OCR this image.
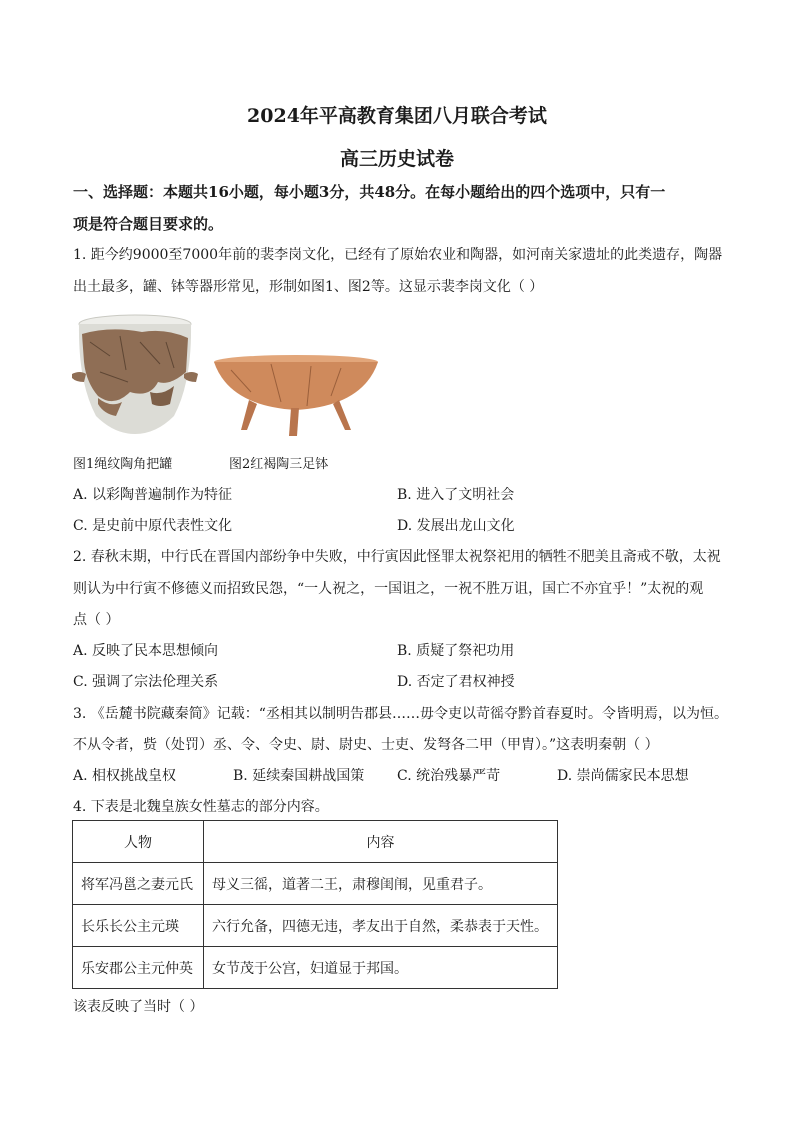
2024年平高教育集团八月联合考试
高三历史试卷
一、选择题：本题共16小题，每小题3分，共48分。在每小题给出的四个选项中，只有一
项是符合题目要求的。
1. 距今约9000至7000年前的裴李岗文化，已经有了原始农业和陶器，如河南关家遗址的此类遗存，陶器
出土最多，罐、钵等器形常见，形制如图1、图2等。这显示裴李岗文化（ ）
图1绳纹陶角把罐	图2红褐陶三足钵
A. 以彩陶普遍制作为特征	B. 进入了文明社会
C. 是史前中原代表性文化	D. 发展出龙山文化
2. 春秋末期，中行氏在晋国内部纷争中失败，中行寅因此怪罪太祝祭祀用的牺牲不肥美且斋戒不敬，太祝
则认为中行寅不修德义而招致民怨，“一人祝之，一国诅之，一祝不胜万诅，国亡不亦宜乎！”太祝的观
点（ ）
A. 反映了民本思想倾向	B. 质疑了祭祀功用
C. 强调了宗法伦理关系	D. 否定了君权神授
3. 《岳麓书院藏秦简》记载：“丞相其以制明告郡县……毋令吏以苛徭夺黔首春夏时。令皆明焉，以为恒。
不从令者，赀（处罚）丞、令、令史、尉、尉史、士吏、发弩各二甲（甲胄）。”这表明秦朝（ ）
A. 相权挑战皇权	B. 延续秦国耕战国策 C. 统治残暴严苛	D. 崇尚儒家民本思想
4. 下表是北魏皇族女性墓志的部分内容。
人物	内容
将军冯邕之妻元氏	母义三徭，道著二王，肃穆闺闱，见重君子。
长乐长公主元瑛	六行允备，四德无违，孝友出于自然，柔恭表于天性。
乐安郡公主元仲英	女节茂于公宫，妇道显于邦国。
该表反映了当时（ ）
